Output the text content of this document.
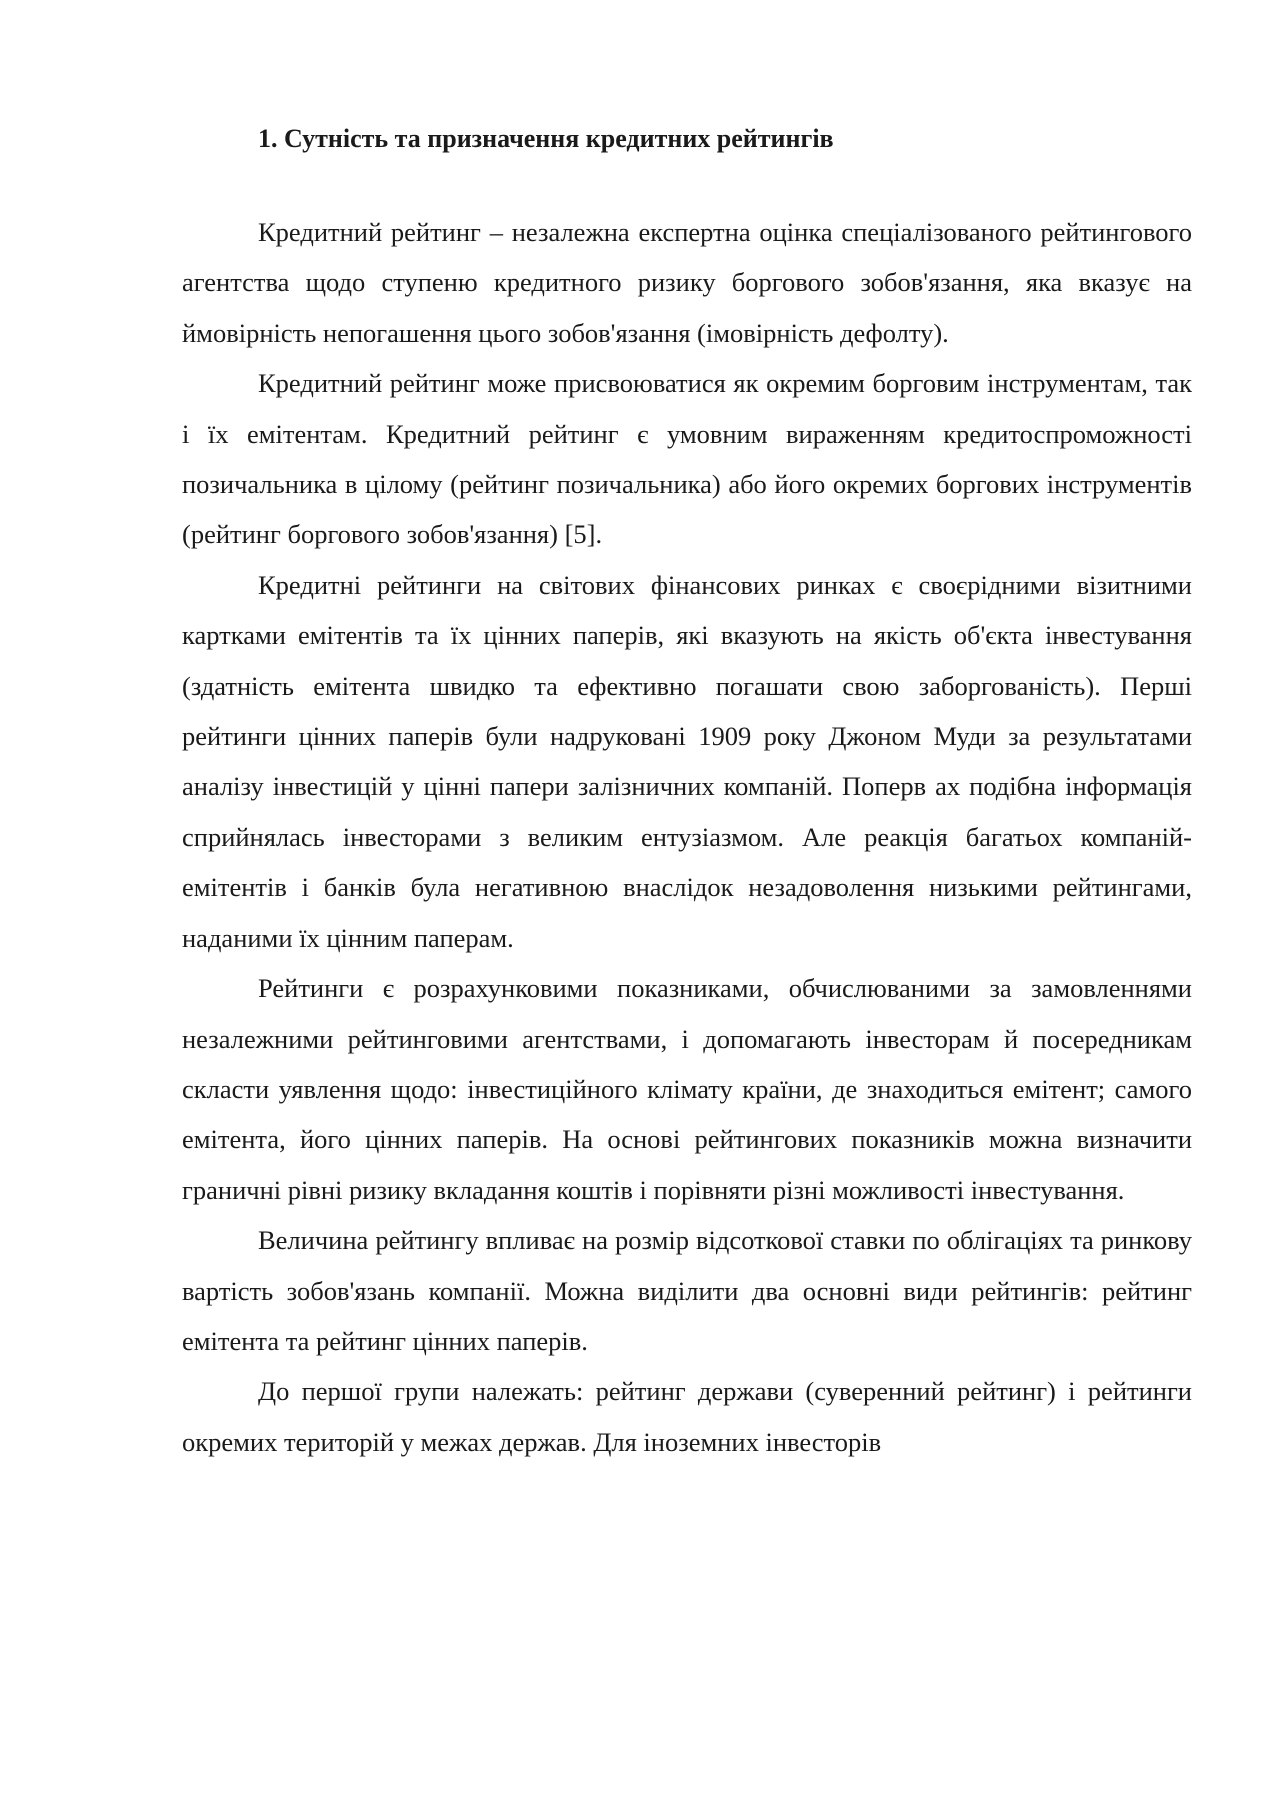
1. Сутність та призначення кредитних рейтингів

Кредитний рейтинг – незалежна експертна оцінка спеціалізованого рейтингового агентства щодо ступеню кредитного ризику боргового зобов'язання, яка вказує на ймовірність непогашення цього зобов'язання (імовірність дефолту).

Кредитний рейтинг може присвоюватися як окремим борговим інструментам, так і їх емітентам. Кредитний рейтинг є умовним вираженням кредитоспроможності позичальника в цілому (рейтинг позичальника) або його окремих боргових інструментів (рейтинг боргового зобов'язання) [5].

Кредитні рейтинги на світових фінансових ринках є своєрідними візитними картками емітентів та їх цінних паперів, які вказують на якість об'єкта інвестування (здатність емітента швидко та ефективно погашати свою заборгованість). Перші рейтинги цінних паперів були надруковані 1909 року Джоном Муди за результатами аналізу інвестицій у цінні папери залізничних компаній. Поперв ах подібна інформація сприйнялась інвесторами з великим ентузіазмом. Але реакція багатьох компаній-емітентів і банків була негативною внаслідок незадоволення низькими рейтингами, наданими їх цінним паперам.

Рейтинги є розрахунковими показниками, обчислюваними за замовленнями незалежними рейтинговими агентствами, і допомагають інвесторам й посередникам скласти уявлення щодо: інвестиційного клімату країни, де знаходиться емітент; самого емітента, його цінних паперів. На основі рейтингових показників можна визначити граничні рівні ризику вкладання коштів і порівняти різні можливості інвестування.

Величина рейтингу впливає на розмір відсоткової ставки по облігаціях та ринкову вартість зобов'язань компанії. Можна виділити два основні види рейтингів: рейтинг емітента та рейтинг цінних паперів.

До першої групи належать: рейтинг держави (суверенний рейтинг) і рейтинги окремих територій у межах держав. Для іноземних інвесторів
